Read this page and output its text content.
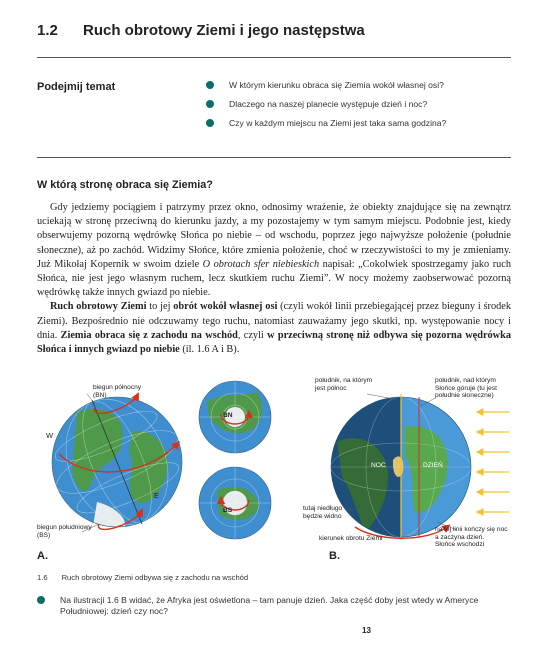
1.2 Ruch obrotowy Ziemi i jego następstwa
Podejmij temat	W którym kierunku obraca się Ziemia wokół własnej osi?
Dlaczego na naszej planecie występuje dzień i noc?
Czy w każdym miejscu na Ziemi jest taka sama godzina?
W którą stronę obraca się Ziemia?

Gdy jedziemy pociągiem i patrzymy przez okno, odnosimy wrażenie, że obiekty znajdujące się na zewnątrz uciekają w stronę przeciwną do kierunku jazdy, a my pozostajemy w tym samym miejscu. Podobnie jest, kiedy obserwujemy pozorną wędrówkę Słońca po niebie – od wschodu, poprzez jego najwyższe położenie (południe słoneczne), aż po zachód. Widzimy Słońce, które zmienia położenie, choć w rzeczywistości to my je zmieniamy. Już Mikołaj Kopernik w swoim dziele O obrotach sfer niebieskich napisał: „Cokolwiek spostrzegamy jako ruch Słońca, nie jest jego własnym ruchem, lecz skutkiem ruchu Ziemi”. W nocy możemy zaobserwować pozorną wędrówkę także innych gwiazd po niebie.

Ruch obrotowy Ziemi to jej obrót wokół własnej osi (czyli wokół linii przebiegającej przez bieguny i środek Ziemi). Bezpośrednio nie odczuwamy tego ruchu, natomiast zauważamy jego skutki, np. występowanie nocy i dnia. Ziemia obraca się z zachodu na wschód, czyli w przeciwną stronę niż odbywa się pozorna wędrówka Słońca i innych gwiazd po niebie (il. 1.6 A i B).

biegun północny
(BN)
biegun południowy
(BS)
W
E
BN
BS
A.
południk, na którym
jest północ
południk, nad którym
Słońce góruje (tu jest
południe słoneczne)
NOC	DZIEŃ
tutaj niedługo
będzie widno
kierunek obrotu Ziemi
na tej linii kończy się noc
a zaczyna dzień.
Słońce wschodzi
B.
1.6 Ruch obrotowy Ziemi odbywa się z zachodu na wschód
Na ilustracji 1.6 B widać, że Afryka jest oświetlona – tam panuje dzień. Jaka część doby jest wtedy w Ameryce Południowej: dzień czy noc?
13
